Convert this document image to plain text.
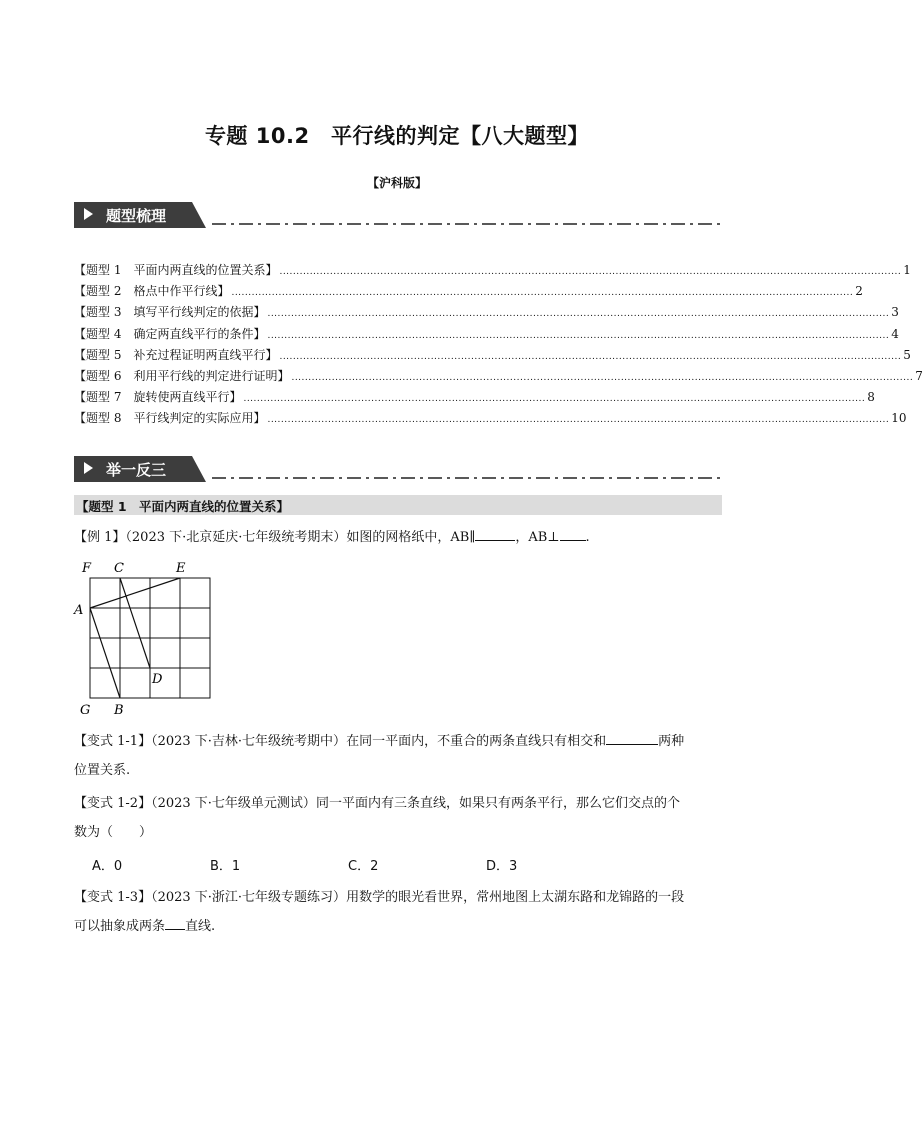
专题 10.2　平行线的判定【八大题型】
【沪科版】
题型梳理
【题型 1　平面内两直线的位置关系】 ......................................................................................................................................................................................... 1
【题型 2　格点中作平行线】 ......................................................................................................................................................................................... 2
【题型 3　填写平行线判定的依据】 ......................................................................................................................................................................................... 3
【题型 4　确定两直线平行的条件】 ......................................................................................................................................................................................... 4
【题型 5　补充过程证明两直线平行】 ......................................................................................................................................................................................... 5
【题型 6　利用平行线的判定进行证明】 ......................................................................................................................................................................................... 7
【题型 7　旋转使两直线平行】 ......................................................................................................................................................................................... 8
【题型 8　平行线判定的实际应用】 ......................................................................................................................................................................................... 10
举一反三
【题型 1　平面内两直线的位置关系】
【例 1】（2023 下·北京延庆·七年级统考期末）如图的网格纸中，AB∥	，AB⊥ .
F C	E
A
D
G B
【变式 1-1】（2023 下·吉林·七年级统考期中）在同一平面内，不重合的两条直线只有相交和	两种
位置关系.
【变式 1-2】（2023 下·七年级单元测试）同一平面内有三条直线，如果只有两条平行，那么它们交点的个
数为（　　）
A．0	B．1	C．2	D．3
【变式 1-3】（2023 下·浙江·七年级专题练习）用数学的眼光看世界，常州地图上太湖东路和龙锦路的一段
可以抽象成两条 直线.
